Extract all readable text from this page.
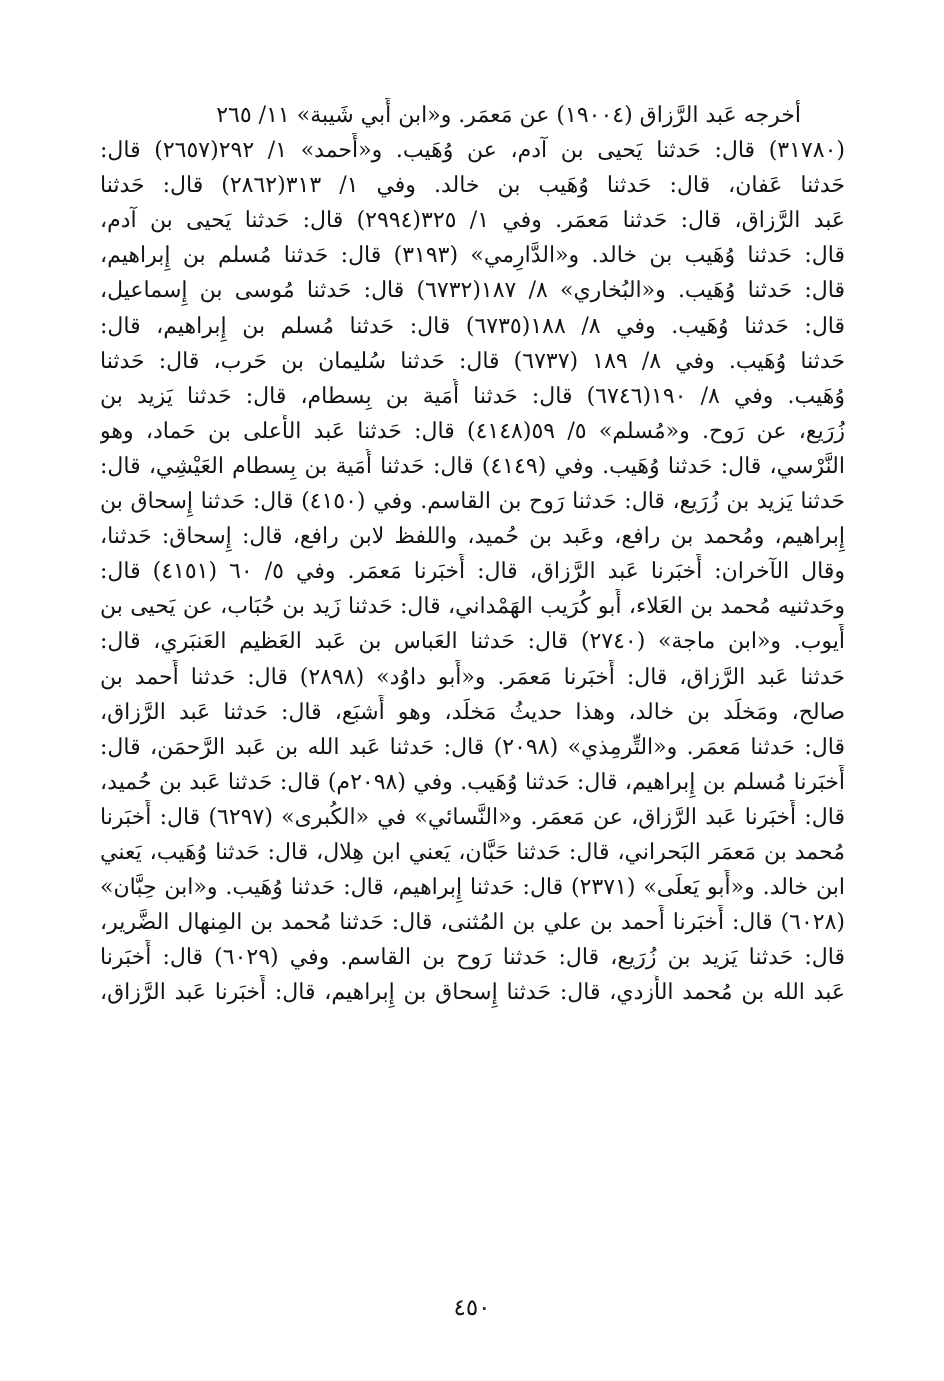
أخرجه عَبد الرَّزاق (١٩٠٠٤) عن مَعمَر. و«ابن أَبي شَيبة» ١١/ ٢٦٥
(٣١٧٨٠) قال: حَدثنا يَحيى بن آدم، عن وُهَيب. و«أَحمد» ١/ ٢٩٢(٢٦٥٧) قال:
حَدثنا عَفان، قال: حَدثنا وُهَيب بن خالد. وفي ١/ ٣١٣(٢٨٦٢) قال: حَدثنا
عَبد الرَّزاق، قال: حَدثنا مَعمَر. وفي ١/ ٣٢٥(٢٩٩٤) قال: حَدثنا يَحيى بن آدم،
قال: حَدثنا وُهَيب بن خالد. و«الدَّارِمي» (٣١٩٣) قال: حَدثنا مُسلم بن إِبراهيم،
قال: حَدثنا وُهَيب. و«البُخاري» ٨/ ١٨٧(٦٧٣٢) قال: حَدثنا مُوسى بن إِسماعيل،
قال: حَدثنا وُهَيب. وفي ٨/ ١٨٨(٦٧٣٥) قال: حَدثنا مُسلم بن إِبراهيم، قال:
حَدثنا وُهَيب. وفي ٨/ ١٨٩ (٦٧٣٧) قال: حَدثنا سُليمان بن حَرب، قال: حَدثنا
وُهَيب. وفي ٨/ ١٩٠(٦٧٤٦) قال: حَدثنا أُمَية بن بِسطام، قال: حَدثنا يَزيد بن
زُرَيع، عن رَوح. و«مُسلم» ٥/ ٥٩(٤١٤٨) قال: حَدثنا عَبد الأَعلى بن حَماد، وهو
النَّرْسي، قال: حَدثنا وُهَيب. وفي (٤١٤٩) قال: حَدثنا أُمَية بن بِسطام العَيْشِي، قال:
حَدثنا يَزيد بن زُرَيع، قال: حَدثنا رَوح بن القاسم. وفي (٤١٥٠) قال: حَدثنا إِسحاق بن
إِبراهيم، ومُحمد بن رافع، وعَبد بن حُميد، واللفظ لابن رافع، قال: إِسحاق: حَدثنا،
وقال الآخران: أَخبَرنا عَبد الرَّزاق، قال: أَخبَرنا مَعمَر. وفي ٥/ ٦٠ (٤١٥١) قال:
وحَدثنيه مُحمد بن العَلاء، أَبو كُرَيب الهَمْداني، قال: حَدثنا زَيد بن حُبَاب، عن يَحيى بن
أَيوب. و«ابن ماجة» (٢٧٤٠) قال: حَدثنا العَباس بن عَبد العَظيم العَنبَري، قال:
حَدثنا عَبد الرَّزاق، قال: أَخبَرنا مَعمَر. و«أَبو داوُد» (٢٨٩٨) قال: حَدثنا أَحمد بن
صالح، ومَخلَد بن خالد، وهذا حديثُ مَخلَد، وهو أَشبَع، قال: حَدثنا عَبد الرَّزاق،
قال: حَدثنا مَعمَر. و«التِّرمِذي» (٢٠٩٨) قال: حَدثنا عَبد الله بن عَبد الرَّحمَن، قال:
أَخبَرنا مُسلم بن إِبراهيم، قال: حَدثنا وُهَيب. وفي (٢٠٩٨م) قال: حَدثنا عَبد بن حُميد،
قال: أَخبَرنا عَبد الرَّزاق، عن مَعمَر. و«النَّسائي» في «الكُبرى» (٦٢٩٧) قال: أَخبَرنا
مُحمد بن مَعمَر البَحراني، قال: حَدثنا حَبَّان، يَعني ابن هِلال، قال: حَدثنا وُهَيب، يَعني
ابن خالد. و«أَبو يَعلَى» (٢٣٧١) قال: حَدثنا إِبراهيم، قال: حَدثنا وُهَيب. و«ابن حِبَّان»
(٦٠٢٨) قال: أَخبَرنا أَحمد بن علي بن المُثنى، قال: حَدثنا مُحمد بن المِنهال الضَّرير،
قال: حَدثنا يَزيد بن زُرَيع، قال: حَدثنا رَوح بن القاسم. وفي (٦٠٢٩) قال: أَخبَرنا
عَبد الله بن مُحمد الأَزدي، قال: حَدثنا إِسحاق بن إِبراهيم، قال: أَخبَرنا عَبد الرَّزاق،
٤٥٠
